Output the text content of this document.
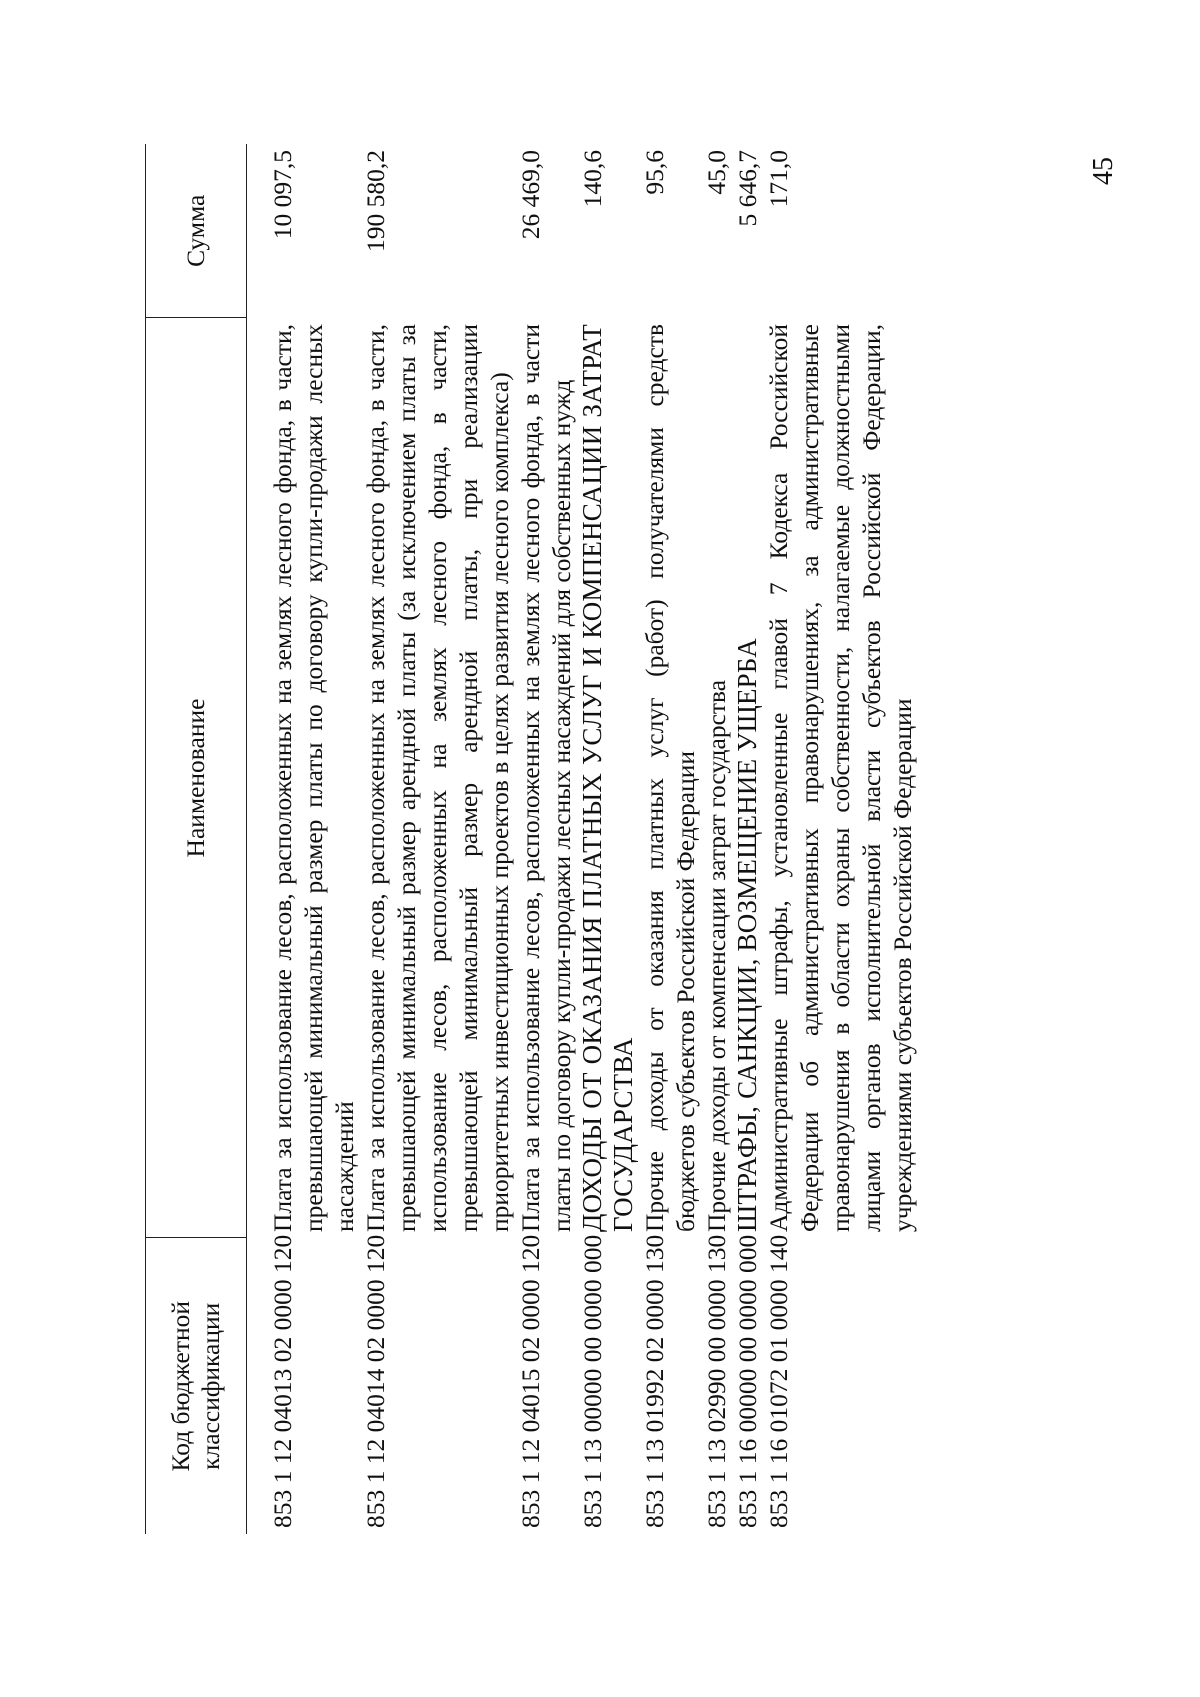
45
Код бюджетной классификации	Наименование	Сумма
853 1 12 04013 02 0000 120	Плата за использование лесов, расположенных на землях лесного фонда, в части, превышающей минимальный размер платы по договору купли-продажи лесных насаждений	10 097,5
853 1 12 04014 02 0000 120	Плата за использование лесов, расположенных на землях лесного фонда, в части, превышающей минимальный размер арендной платы (за исключением платы за использование лесов, расположенных на землях лесного фонда, в части, превышающей минимальный размер арендной платы, при реализации приоритетных инвестиционных проектов в целях развития лесного комплекса)	190 580,2
853 1 12 04015 02 0000 120	Плата за использование лесов, расположенных на землях лесного фонда, в части платы по договору купли-продажи лесных насаждений для собственных нужд	26 469,0
853 1 13 00000 00 0000 000	ДОХОДЫ ОТ ОКАЗАНИЯ ПЛАТНЫХ УСЛУГ И КОМПЕНСАЦИИ ЗАТРАТ ГОСУДАРСТВА	140,6
853 1 13 01992 02 0000 130	Прочие доходы от оказания платных услуг (работ) получателями средств бюджетов субъектов Российской Федерации	95,6
853 1 13 02990 00 0000 130	Прочие доходы от компенсации затрат государства	45,0
853 1 16 00000 00 0000 000	ШТРАФЫ, САНКЦИИ, ВОЗМЕЩЕНИЕ УЩЕРБА	5 646,7
853 1 16 01072 01 0000 140	Административные штрафы, установленные главой 7 Кодекса Российской Федерации об административных правонарушениях, за административные правонарушения в области охраны собственности, налагаемые должностными лицами органов исполнительной власти субъектов Российской Федерации, учреждениями субъектов Российской Федерации	171,0
